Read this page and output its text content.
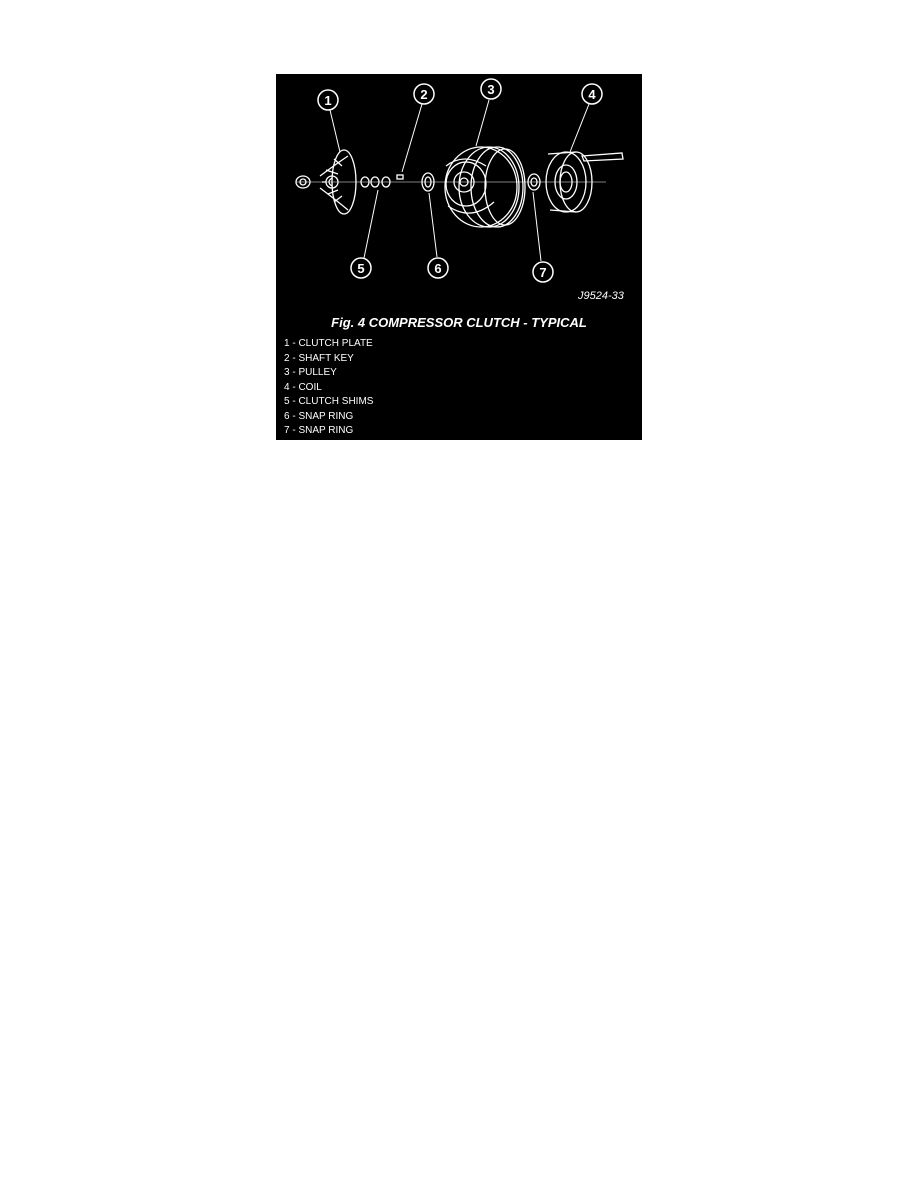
1	2	3	4
5	6	7
J9524-33
Fig. 4 COMPRESSOR CLUTCH - TYPICAL
1 - CLUTCH PLATE
2 - SHAFT KEY
3 - PULLEY
4 - COIL
5 - CLUTCH SHIMS
6 - SNAP RING
7 - SNAP RING
